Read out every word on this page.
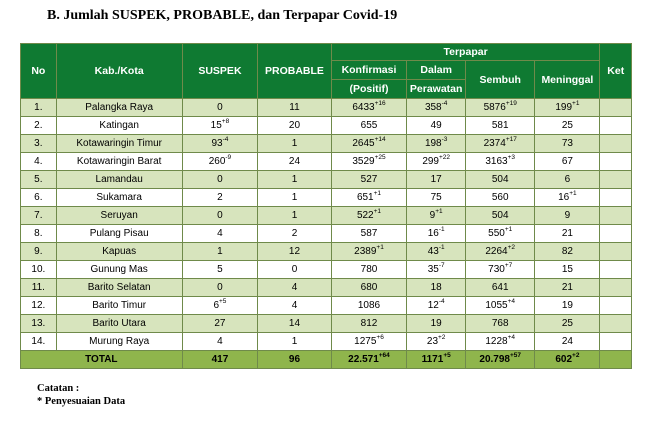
B. Jumlah SUSPEK, PROBABLE, dan Terpapar Covid-19
No	Kab./Kota	SUSPEK	PROBABLE	Terpapar				Ket
				Konfirmasi	Dalam	Sembuh	Meninggal	
				(Positif)	Perawatan			
1.	Palangka Raya	0	11	$6433^{+16}$	$358^{-4}$	$5876^{+19}$	$199^{+1}$	
2.	Katingan	$15^{+8}$	20	655	49	581	25	
3.	Kotawaringin Timur	$93^{-4}$	1	$2645^{+14}$	$198^{-3}$	$2374^{+17}$	73	
4.	Kotawaringin Barat	$260^{-9}$	24	$3529^{+25}$	$299^{+22}$	$3163^{+3}$	67	
5.	Lamandau	0	1	527	17	504	6	
6.	Sukamara	2	1	$651^{+1}$	75	560	$16^{+1}$	
7.	Seruyan	0	1	$522^{+1}$	$9^{+1}$	504	9	
8.	Pulang Pisau	4	2	587	$16^{-1}$	$550^{+1}$	21	
9.	Kapuas	1	12	$2389^{+1}$	$43^{-1}$	$2264^{+2}$	82	
10.	Gunung Mas	5	0	780	$35^{-7}$	$730^{+7}$	15	
11.	Barito Selatan	0	4	680	18	641	21	
12.	Barito Timur	$6^{+5}$	4	1086	$12^{-4}$	$1055^{+4}$	19	
13.	Barito Utara	27	14	812	19	768	25	
14.	Murung Raya	4	1	$1275^{+6}$	$23^{+2}$	$1228^{+4}$	24	
TOTAL		417	96	$22.571^{+64}$	$1171^{+5}$	$20.798^{+57}$	$602^{+2}$	
Catatan :
* Penyesuaian Data
